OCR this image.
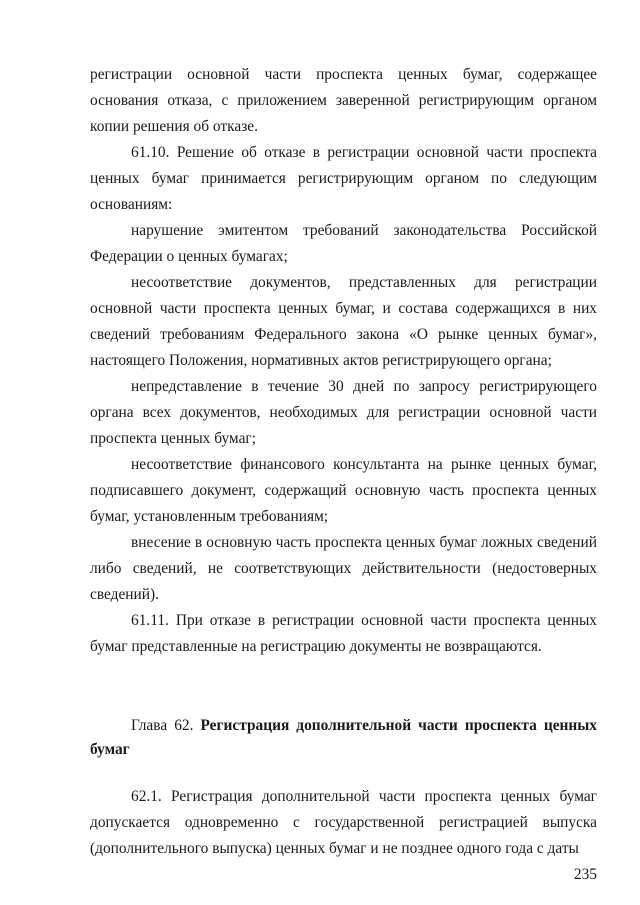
регистрации основной части проспекта ценных бумаг, содержащее основания отказа, с приложением заверенной регистрирующим органом копии решения об отказе.

61.10. Решение об отказе в регистрации основной части проспекта ценных бумаг принимается регистрирующим органом по следующим основаниям:

нарушение эмитентом требований законодательства Российской Федерации о ценных бумагах;

несоответствие документов, представленных для регистрации основной части проспекта ценных бумаг, и состава содержащихся в них сведений требованиям Федерального закона «О рынке ценных бумаг», настоящего Положения, нормативных актов регистрирующего органа;

непредставление в течение 30 дней по запросу регистрирующего органа всех документов, необходимых для регистрации основной части проспекта ценных бумаг;

несоответствие финансового консультанта на рынке ценных бумаг, подписавшего документ, содержащий основную часть проспекта ценных бумаг, установленным требованиям;

внесение в основную часть проспекта ценных бумаг ложных сведений либо сведений, не соответствующих действительности (недостоверных сведений).

61.11. При отказе в регистрации основной части проспекта ценных бумаг представленные на регистрацию документы не возвращаются.

Глава 62. Регистрация дополнительной части проспекта ценных бумаг

62.1. Регистрация дополнительной части проспекта ценных бумаг допускается одновременно с государственной регистрацией выпуска (дополнительного выпуска) ценных бумаг и не позднее одного года с даты

235
